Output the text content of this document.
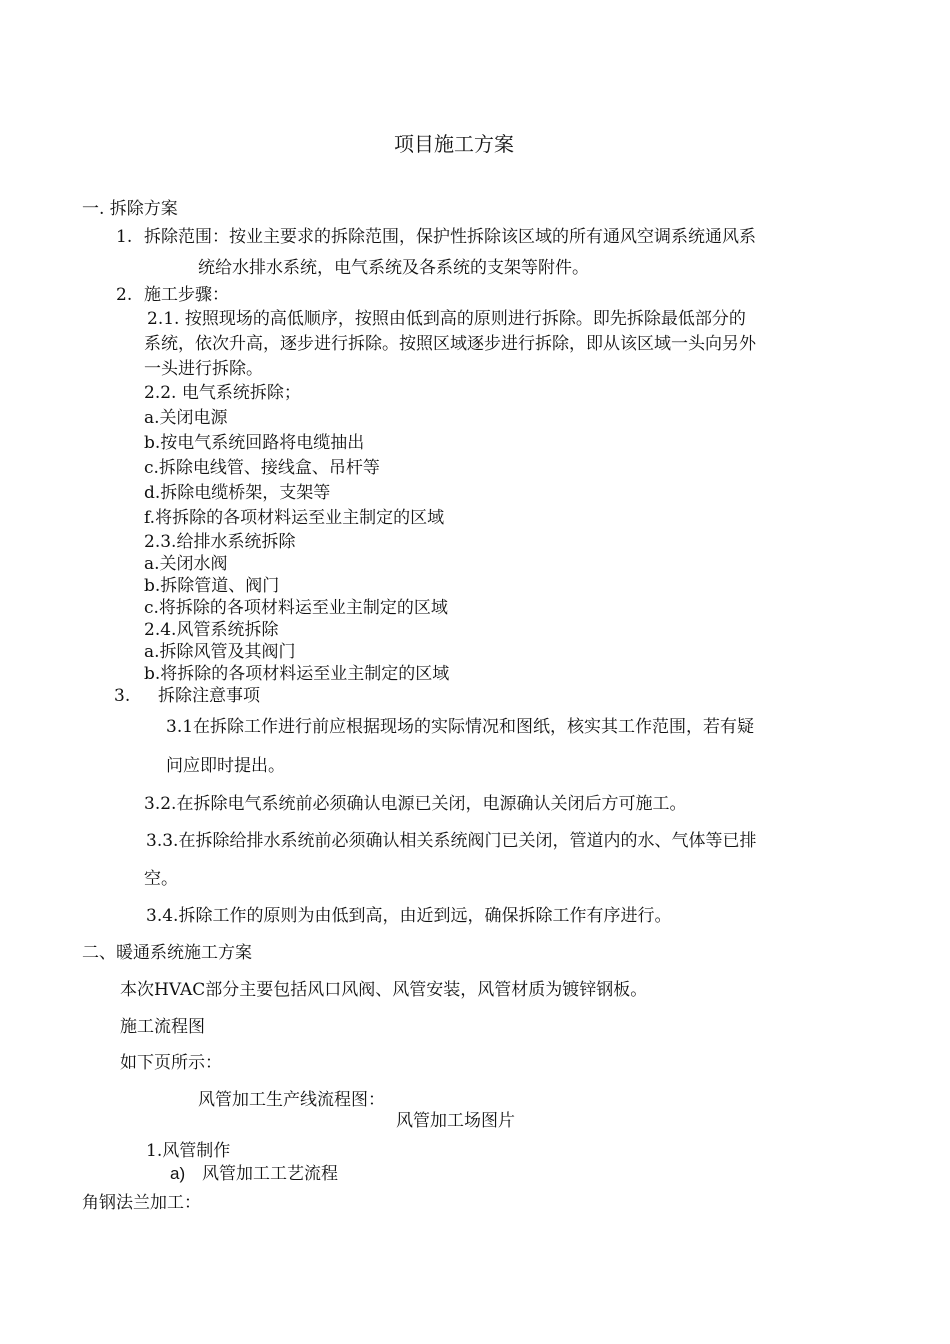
项目施工方案
一. 拆除方案
1. 拆除范围：按业主要求的拆除范围，保护性拆除该区域的所有通风空调系统通风系
统给水排水系统，电气系统及各系统的支架等附件。
2. 施工步骤：
2.1. 按照现场的高低顺序，按照由低到高的原则进行拆除。即先拆除最低部分的
系统，依次升高，逐步进行拆除。按照区域逐步进行拆除，即从该区域一头向另外
一头进行拆除。
2.2. 电气系统拆除；
a.关闭电源
b.按电气系统回路将电缆抽出
c.拆除电线管、接线盒、吊杆等
d.拆除电缆桥架，支架等
f.将拆除的各项材料运至业主制定的区域
2.3.给排水系统拆除
a.关闭水阀
b.拆除管道、阀门
c.将拆除的各项材料运至业主制定的区域
2.4.风管系统拆除
a.拆除风管及其阀门
b.将拆除的各项材料运至业主制定的区域
3. 拆除注意事项
3.1在拆除工作进行前应根据现场的实际情况和图纸，核实其工作范围，若有疑
问应即时提出。
3.2.在拆除电气系统前必须确认电源已关闭，电源确认关闭后方可施工。
3.3.在拆除给排水系统前必须确认相关系统阀门已关闭，管道内的水、气体等已排
空。
3.4.拆除工作的原则为由低到高，由近到远，确保拆除工作有序进行。
二、暖通系统施工方案
本次HVAC部分主要包括风口风阀、风管安装，风管材质为镀锌钢板。
施工流程图
如下页所示：
风管加工生产线流程图：
风管加工场图片
1.风管制作
a) 风管加工工艺流程
角钢法兰加工：
